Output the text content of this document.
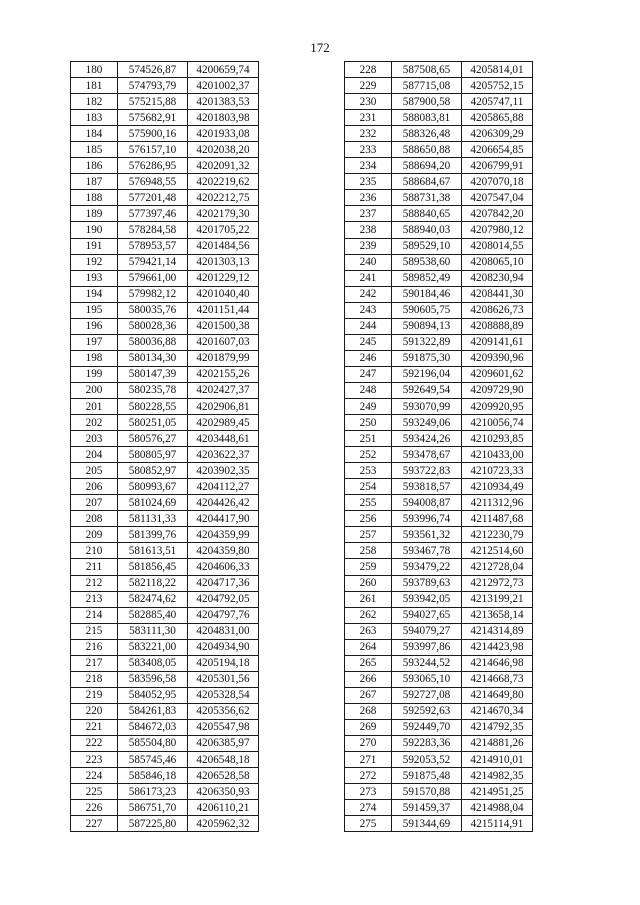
172
180	574526,87	4200659,74
181	574793,79	4201002,37
182	575215,88	4201383,53
183	575682,91	4201803,98
184	575900,16	4201933,08
185	576157,10	4202038,20
186	576286,95	4202091,32
187	576948,55	4202219,62
188	577201,48	4202212,75
189	577397,46	4202179,30
190	578284,58	4201705,22
191	578953,57	4201484,56
192	579421,14	4201303,13
193	579661,00	4201229,12
194	579982,12	4201040,40
195	580035,76	4201151,44
196	580028,36	4201500,38
197	580036,88	4201607,03
198	580134,30	4201879,99
199	580147,39	4202155,26
200	580235,78	4202427,37
201	580228,55	4202906,81
202	580251,05	4202989,45
203	580576,27	4203448,61
204	580805,97	4203622,37
205	580852,97	4203902,35
206	580993,67	4204112,27
207	581024,69	4204426,42
208	581131,33	4204417,90
209	581399,76	4204359,99
210	581613,51	4204359,80
211	581856,45	4204606,33
212	582118,22	4204717,36
213	582474,62	4204792,05
214	582885,40	4204797,76
215	583111,30	4204831,00
216	583221,00	4204934,90
217	583408,05	4205194,18
218	583596,58	4205301,56
219	584052,95	4205328,54
220	584261,83	4205356,62
221	584672,03	4205547,98
222	585504,80	4206385,97
223	585745,46	4206548,18
224	585846,18	4206528,58
225	586173,23	4206350,93
226	586751,70	4206110,21
227	587225,80	4205962,32
228	587508,65	4205814,01
229	587715,08	4205752,15
230	587900,58	4205747,11
231	588083,81	4205865,88
232	588326,48	4206309,29
233	588650,88	4206654,85
234	588694,20	4206799,91
235	588684,67	4207070,18
236	588731,38	4207547,04
237	588840,65	4207842,20
238	588940,03	4207980,12
239	589529,10	4208014,55
240	589538,60	4208065,10
241	589852,49	4208230,94
242	590184,46	4208441,30
243	590605,75	4208626,73
244	590894,13	4208888,89
245	591322,89	4209141,61
246	591875,30	4209390,96
247	592196,04	4209601,62
248	592649,54	4209729,90
249	593070,99	4209920,95
250	593249,06	4210056,74
251	593424,26	4210293,85
252	593478,67	4210433,00
253	593722,83	4210723,33
254	593818,57	4210934,49
255	594008,87	4211312,96
256	593996,74	4211487,68
257	593561,32	4212230,79
258	593467,78	4212514,60
259	593479,22	4212728,04
260	593789,63	4212972,73
261	593942,05	4213199,21
262	594027,65	4213658,14
263	594079,27	4214314,89
264	593997,86	4214423,98
265	593244,52	4214646,98
266	593065,10	4214668,73
267	592727,08	4214649,80
268	592592,63	4214670,34
269	592449,70	4214792,35
270	592283,36	4214881,26
271	592053,52	4214910,01
272	591875,48	4214982,35
273	591570,88	4214951,25
274	591459,37	4214988,04
275	591344,69	4215114,91
